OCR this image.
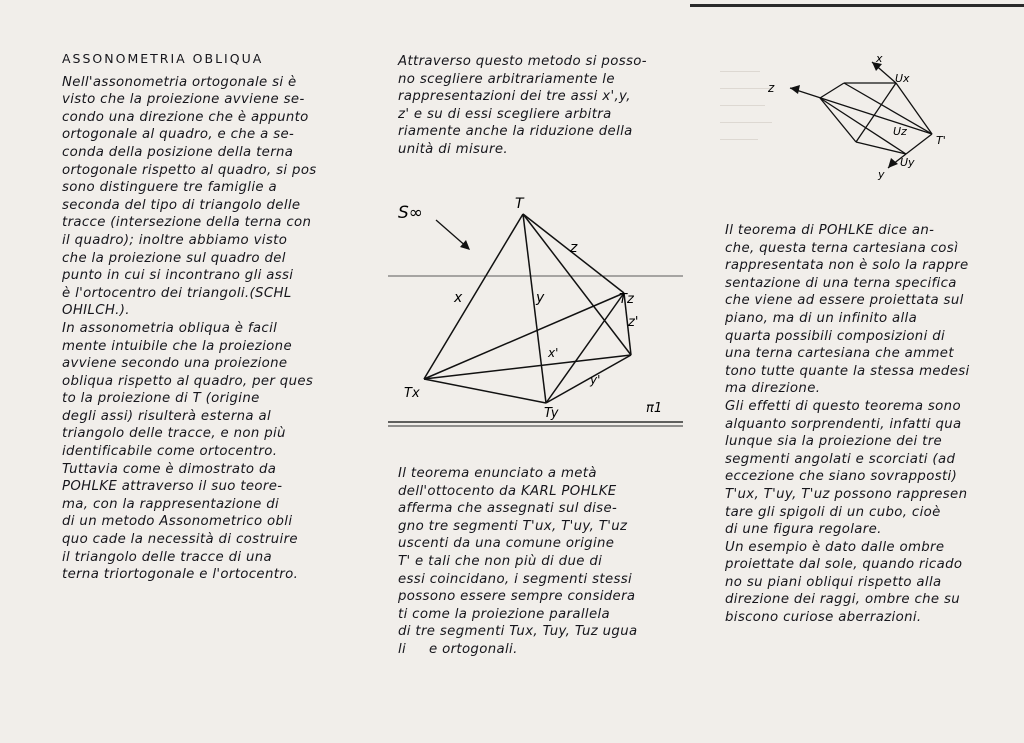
ASSONOMETRIA OBLIQUA

Nell'assonometria ortogonale si è

visto che la proiezione avviene se-

condo una direzione che è appunto

ortogonale al quadro, e che a se-

conda della posizione della terna

ortogonale rispetto al quadro, si pos

sono distinguere tre famiglie a

seconda del tipo di triangolo delle

tracce (intersezione della terna con

il quadro); inoltre abbiamo visto

che la proiezione sul quadro del

punto in cui si incontrano gli assi

è l'ortocentro dei triangoli.(SCHL

OHILCH.).

In assonometria obliqua è facil

mente intuibile che la proiezione

avviene secondo una proiezione

obliqua rispetto al quadro, per ques

to la proiezione di T (origine

degli assi) risulterà esterna al

triangolo delle tracce, e non più

identificabile come ortocentro.

Tuttavia come è dimostrato da

POHLKE attraverso il suo teore-

ma, con la rappresentazione di

di un metodo Assonometrico obli

quo cade la necessità di costruire

il triangolo delle tracce di una

terna triortogonale e l'ortocentro.

Attraverso questo metodo si posso-

no scegliere arbitrariamente le

rappresentazioni dei tre assi x',y,

z' e su di essi scegliere arbitra

riamente anche la riduzione della

unità di misure.

S∞	T
z
x	y	Tz
z'
x'
y'
Tx
Ty	π1

Il teorema enunciato a metà

dell'ottocento da KARL POHLKE

afferma che assegnati sul dise-

gno tre segmenti T'ux, T'uy, T'uz

uscenti da una comune origine

T' e tali che non più di due di

essi coincidano, i segmenti stessi

possono essere sempre considera

ti come la proiezione parallela

di tre segmenti Tux, Tuy, Tuz ugua

li     e ortogonali.

x
Ux
z
Uz
T'
Uy
y

Il teorema di POHLKE dice an-

che, questa terna cartesiana così

rappresentata non è solo la rappre

sentazione di una terna specifica

che viene ad essere proiettata sul

piano, ma di un infinito alla

quarta possibili composizioni di

una terna cartesiana che ammet

tono tutte quante la stessa medesi

ma direzione.

Gli effetti di questo teorema sono

alquanto sorprendenti, infatti qua

lunque sia la proiezione dei tre

segmenti angolati e scorciati (ad

eccezione che siano sovrapposti)

T'ux, T'uy, T'uz possono rappresen

tare gli spigoli di un cubo, cioè

di une figura regolare.

Un esempio è dato dalle ombre

proiettate dal sole, quando ricado

no su piani obliqui rispetto alla

direzione dei raggi, ombre che su

biscono curiose aberrazioni.
